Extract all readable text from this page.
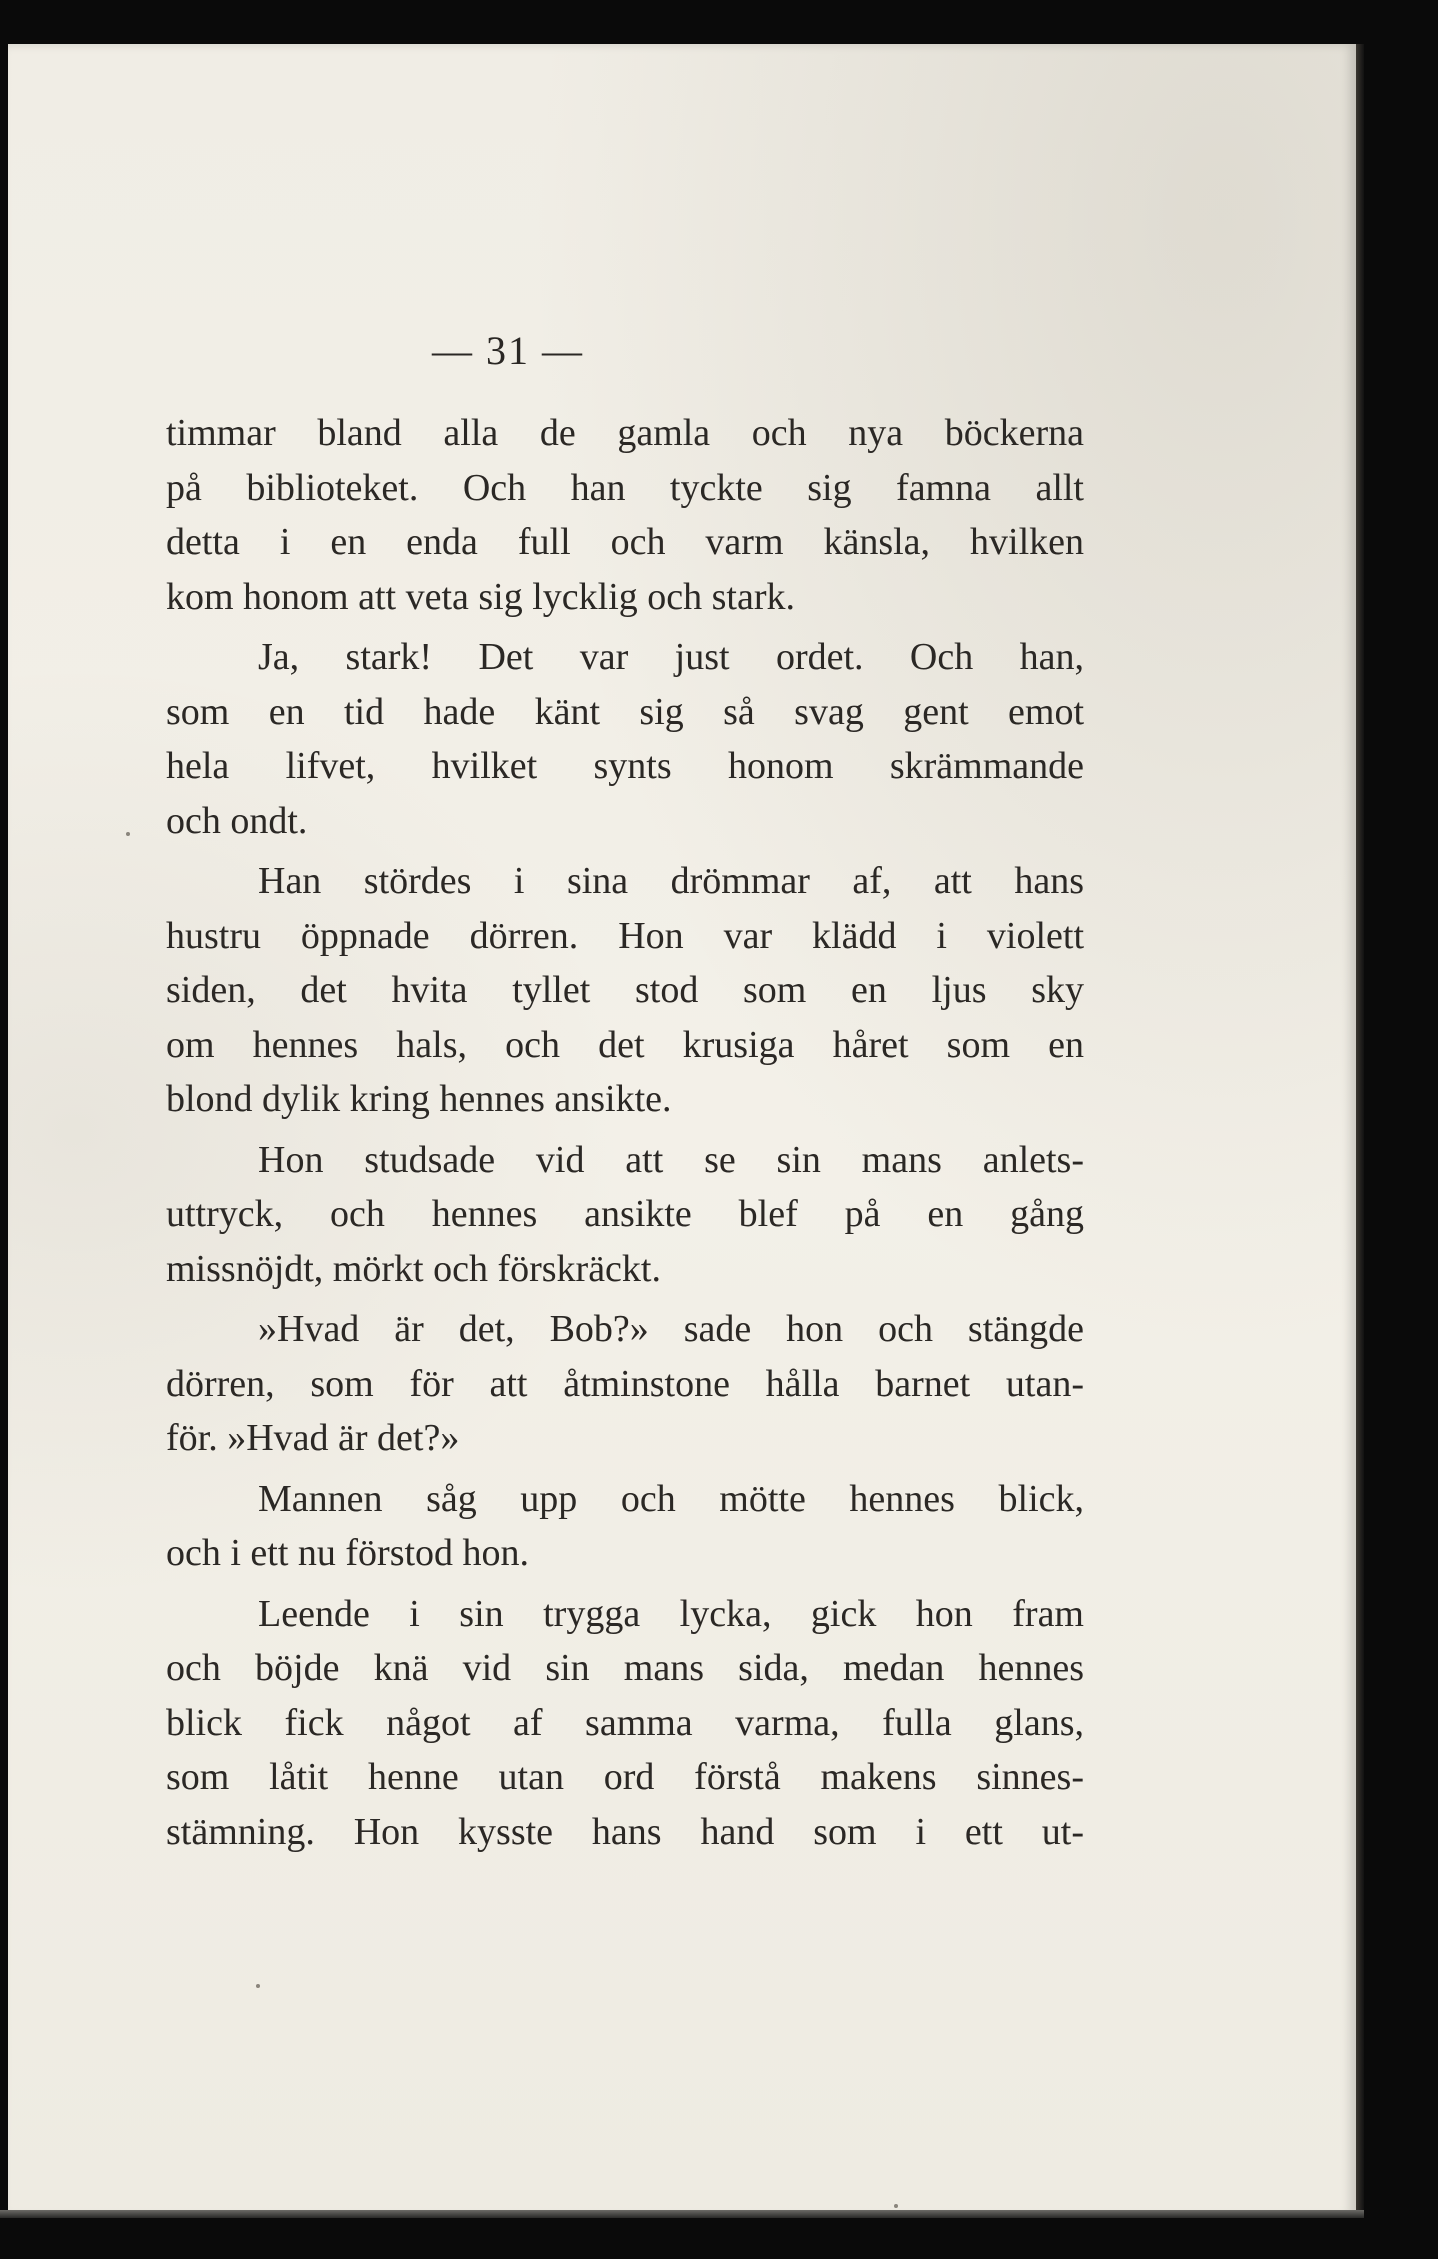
— 31 —
timmar bland alla de gamla och nya böckerna
på biblioteket. Och han tyckte sig famna allt
detta i en enda full och varm känsla, hvilken
kom honom att veta sig lycklig och stark.
Ja, stark! Det var just ordet. Och han,
som en tid hade känt sig så svag gent emot
hela lifvet, hvilket synts honom skrämmande
och ondt.
Han stördes i sina drömmar af, att hans
hustru öppnade dörren. Hon var klädd i violett
siden, det hvita tyllet stod som en ljus sky
om hennes hals, och det krusiga håret som en
blond dylik kring hennes ansikte.
Hon studsade vid att se sin mans anlets-
uttryck, och hennes ansikte blef på en gång
missnöjdt, mörkt och förskräckt.
»Hvad är det, Bob?» sade hon och stängde
dörren, som för att åtminstone hålla barnet utan-
för. »Hvad är det?»
Mannen såg upp och mötte hennes blick,
och i ett nu förstod hon.
Leende i sin trygga lycka, gick hon fram
och böjde knä vid sin mans sida, medan hennes
blick fick något af samma varma, fulla glans,
som låtit henne utan ord förstå makens sinnes-
stämning. Hon kysste hans hand som i ett ut-
